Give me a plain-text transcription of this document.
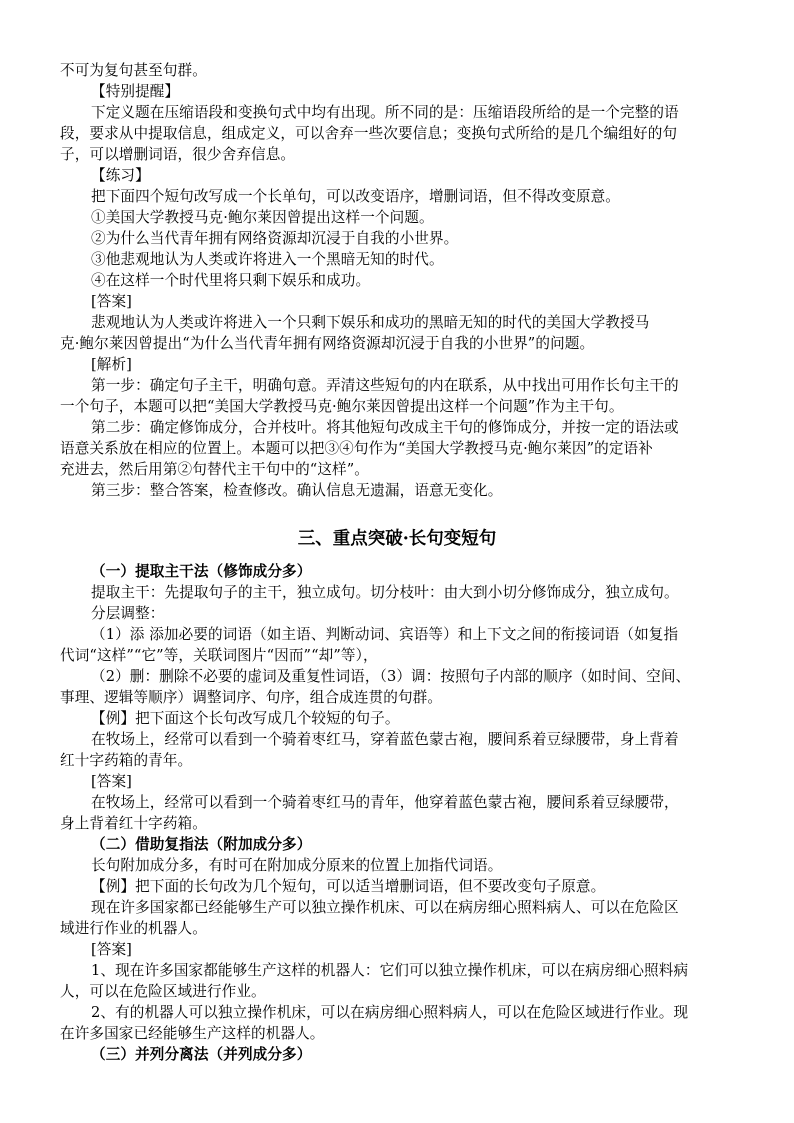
不可为复句甚至句群。
【特别提醒】
下定义题在压缩语段和变换句式中均有出现。所不同的是：压缩语段所给的是一个完整的语
段，要求从中提取信息，组成定义，可以舍弃一些次要信息；变换句式所给的是几个编组好的句
子，可以增删词语，很少舍弃信息。
【练习】
把下面四个短句改写成一个长单句，可以改变语序，增删词语，但不得改变原意。
①美国大学教授马克·鲍尔莱因曾提出这样一个问题。
②为什么当代青年拥有网络资源却沉浸于自我的小世界。
③他悲观地认为人类或许将进入一个黑暗无知的时代。
④在这样一个时代里将只剩下娱乐和成功。
[答案]
悲观地认为人类或许将进入一个只剩下娱乐和成功的黑暗无知的时代的美国大学教授马
克·鲍尔莱因曾提出“为什么当代青年拥有网络资源却沉浸于自我的小世界”的问题。
[解析]
第一步：确定句子主干，明确句意。弄清这些短句的内在联系，从中找出可用作长句主干的
一个句子，本题可以把“美国大学教授马克·鲍尔莱因曾提出这样一个问题”作为主干句。
第二步：确定修饰成分，合并枝叶。将其他短句改成主干句的修饰成分，并按一定的语法或
语意关系放在相应的位置上。本题可以把③④句作为“美国大学教授马克·鲍尔莱因”的定语补
充进去，然后用第②句替代主干句中的“这样”。
第三步：整合答案，检查修改。确认信息无遗漏，语意无变化。
三、重点突破·长句变短句
（一）提取主干法（修饰成分多）
提取主干：先提取句子的主干，独立成句。切分枝叶：由大到小切分修饰成分，独立成句。
分层调整：
（1）添 添加必要的词语（如主语、判断动词、宾语等）和上下文之间的衔接词语（如复指
代词“这样”“它”等，关联词图片“因而”“却”等），
（2）删：删除不必要的虚词及重复性词语，（3）调：按照句子内部的顺序（如时间、空间、
事理、逻辑等顺序）调整词序、句序，组合成连贯的句群。
【例】把下面这个长句改写成几个较短的句子。
在牧场上，经常可以看到一个骑着枣红马，穿着蓝色蒙古袍，腰间系着豆绿腰带，身上背着
红十字药箱的青年。
[答案]
在牧场上，经常可以看到一个骑着枣红马的青年，他穿着蓝色蒙古袍，腰间系着豆绿腰带，
身上背着红十字药箱。
（二）借助复指法（附加成分多）
长句附加成分多，有时可在附加成分原来的位置上加指代词语。
【例】把下面的长句改为几个短句，可以适当增删词语，但不要改变句子原意。
现在许多国家都已经能够生产可以独立操作机床、可以在病房细心照料病人、可以在危险区
域进行作业的机器人。
[答案]
1、现在许多国家都能够生产这样的机器人：它们可以独立操作机床，可以在病房细心照料病
人，可以在危险区域进行作业。
2、有的机器人可以独立操作机床，可以在病房细心照料病人，可以在危险区域进行作业。现
在许多国家已经能够生产这样的机器人。
（三）并列分离法（并列成分多）
